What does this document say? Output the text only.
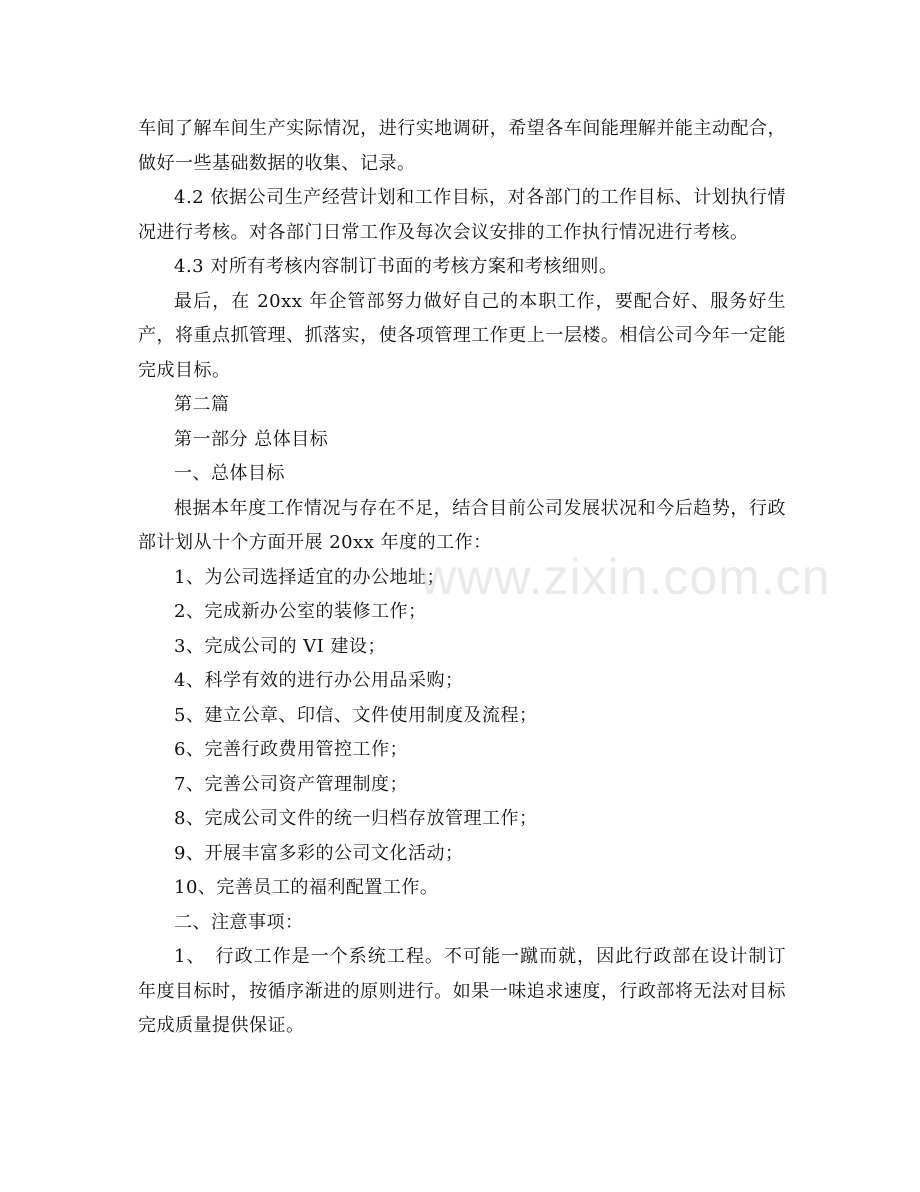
车间了解车间生产实际情况，进行实地调研，希望各车间能理解并能主动配合，做好一些基础数据的收集、记录。

4.2 依据公司生产经营计划和工作目标，对各部门的工作目标、计划执行情况进行考核。对各部门日常工作及每次会议安排的工作执行情况进行考核。

4.3 对所有考核内容制订书面的考核方案和考核细则。

最后，在 20xx 年企管部努力做好自己的本职工作，要配合好、服务好生产，将重点抓管理、抓落实，使各项管理工作更上一层楼。相信公司今年一定能完成目标。

第二篇

第一部分 总体目标

一、总体目标

根据本年度工作情况与存在不足，结合目前公司发展状况和今后趋势，行政部计划从十个方面开展 20xx 年度的工作：

1、为公司选择适宜的办公地址；

2、完成新办公室的装修工作；

3、完成公司的 VI 建设；

4、科学有效的进行办公用品采购；

5、建立公章、印信、文件使用制度及流程；

6、完善行政费用管控工作；

7、完善公司资产管理制度；

8、完成公司文件的统一归档存放管理工作；

9、开展丰富多彩的公司文化活动；

10、完善员工的福利配置工作。

二、注意事项：

1、　行政工作是一个系统工程。不可能一蹴而就，因此行政部在设计制订年度目标时，按循序渐进的原则进行。如果一味追求速度，行政部将无法对目标完成质量提供保证。

www.zixin.com.cn
